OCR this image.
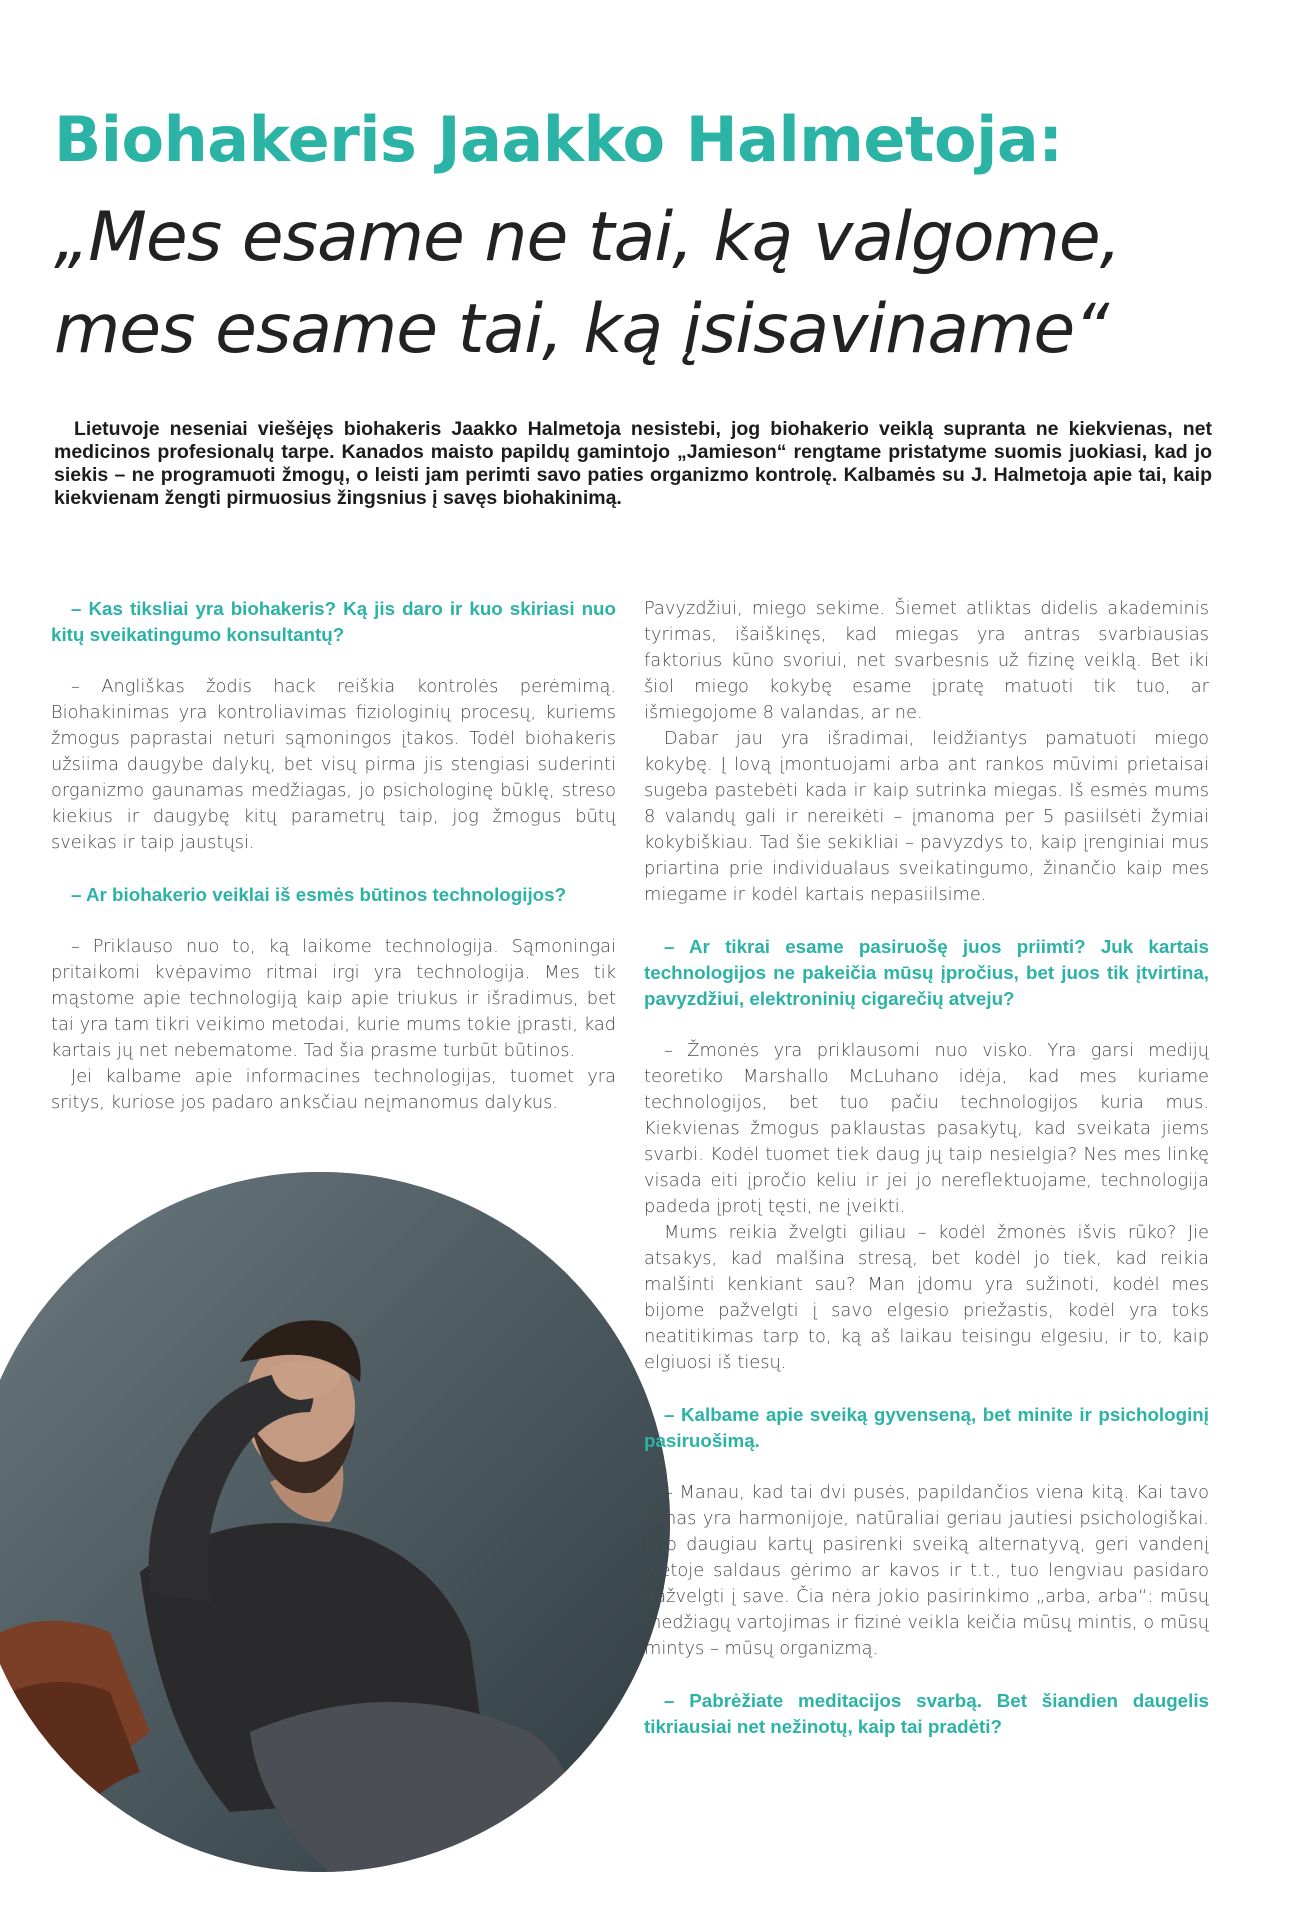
Biohakeris Jaakko Halmetoja:
„Mes esame ne tai, ką valgome,
mes esame tai, ką įsisaviname“

Lietuvoje neseniai viešėjęs biohakeris Jaakko Halmetoja nesistebi, jog biohakerio veiklą supranta ne kiekvienas, net medicinos profesionalų tarpe. Kanados maisto papildų gamintojo „Jamieson“ rengtame pristatyme suomis juokiasi, kad jo siekis – ne programuoti žmogų, o leisti jam perimti savo paties organizmo kontrolę. Kalbamės su J. Halmetoja apie tai, kaip kiekvienam žengti pirmuosius žingsnius į savęs biohakinimą.

– Kas tiksliai yra biohakeris? Ką jis daro ir kuo skiriasi nuo kitų sveikatingumo konsultantų?

– Angliškas žodis hack reiškia kontrolės perėmimą. Biohakinimas yra kontroliavimas fiziologinių procesų, kuriems žmogus paprastai neturi sąmoningos įtakos. Todėl biohakeris užsiima daugybe dalykų, bet visų pirma jis stengiasi suderinti organizmo gaunamas medžiagas, jo psichologinę būklę, streso kiekius ir daugybę kitų parametrų taip, jog žmogus būtų sveikas ir taip jaustųsi.

– Ar biohakerio veiklai iš esmės būtinos technologijos?

– Priklauso nuo to, ką laikome technologija. Sąmoningai pritaikomi kvėpavimo ritmai irgi yra technologija. Mes tik mąstome apie technologiją kaip apie triukus ir išradimus, bet tai yra tam tikri veikimo metodai, kurie mums tokie įprasti, kad kartais jų net nebematome. Tad šia prasme turbūt būtinos.

Jei kalbame apie informacines technologijas, tuomet yra sritys, kuriose jos padaro anksčiau neįmanomus dalykus.

Pavyzdžiui, miego sekime. Šiemet atliktas didelis akademinis tyrimas, išaiškinęs, kad miegas yra antras svarbiausias faktorius kūno svoriui, net svarbesnis už fizinę veiklą. Bet iki šiol miego kokybę esame įpratę matuoti tik tuo, ar išmiegojome 8 valandas, ar ne.

Dabar jau yra išradimai, leidžiantys pamatuoti miego kokybę. Į lovą įmontuojami arba ant rankos mūvimi prietaisai sugeba pastebėti kada ir kaip sutrinka miegas. Iš esmės mums 8 valandų gali ir nereikėti – įmanoma per 5 pasiilsėti žymiai kokybiškiau. Tad šie sekikliai – pavyzdys to, kaip įrenginiai mus priartina prie individualaus sveikatingumo, žinančio kaip mes miegame ir kodėl kartais nepasiilsime.

– Ar tikrai esame pasiruošę juos priimti? Juk kartais technologijos ne pakeičia mūsų įpročius, bet juos tik įtvirtina, pavyzdžiui, elektroninių cigarečių atveju?

– Žmonės yra priklausomi nuo visko. Yra garsi medijų teoretiko Marshallo McLuhano idėja, kad mes kuriame technologijos, bet tuo pačiu technologijos kuria mus. Kiekvienas žmogus paklaustas pasakytų, kad sveikata jiems svarbi. Kodėl tuomet tiek daug jų taip nesielgia? Nes mes linkę visada eiti įpročio keliu ir jei jo nereflektuojame, technologija padeda įprotį tęsti, ne įveikti.

Mums reikia žvelgti giliau – kodėl žmonės išvis rūko? Jie atsakys, kad malšina stresą, bet kodėl jo tiek, kad reikia malšinti kenkiant sau? Man įdomu yra sužinoti, kodėl mes bijome pažvelgti į savo elgesio priežastis, kodėl yra toks neatitikimas tarp to, ką aš laikau teisingu elgesiu, ir to, kaip elgiuosi iš tiesų.

– Kalbame apie sveiką gyvenseną, bet minite ir psichologinį pasiruošimą.

– Manau, kad tai dvi pusės, papildančios viena kitą. Kai tavo kūnas yra harmonijoje, natūraliai geriau jautiesi psichologiškai. Kuo daugiau kartų pasirenki sveiką alternatyvą, geri vandenį vietoje saldaus gėrimo ar kavos ir t.t., tuo lengviau pasidaro pažvelgti į save. Čia nėra jokio pasirinkimo „arba, arba“: mūsų medžiagų vartojimas ir fizinė veikla keičia mūsų mintis, o mūsų mintys – mūsų organizmą.

– Pabrėžiate meditacijos svarbą. Bet šiandien daugelis tikriausiai net nežinotų, kaip tai pradėti?
